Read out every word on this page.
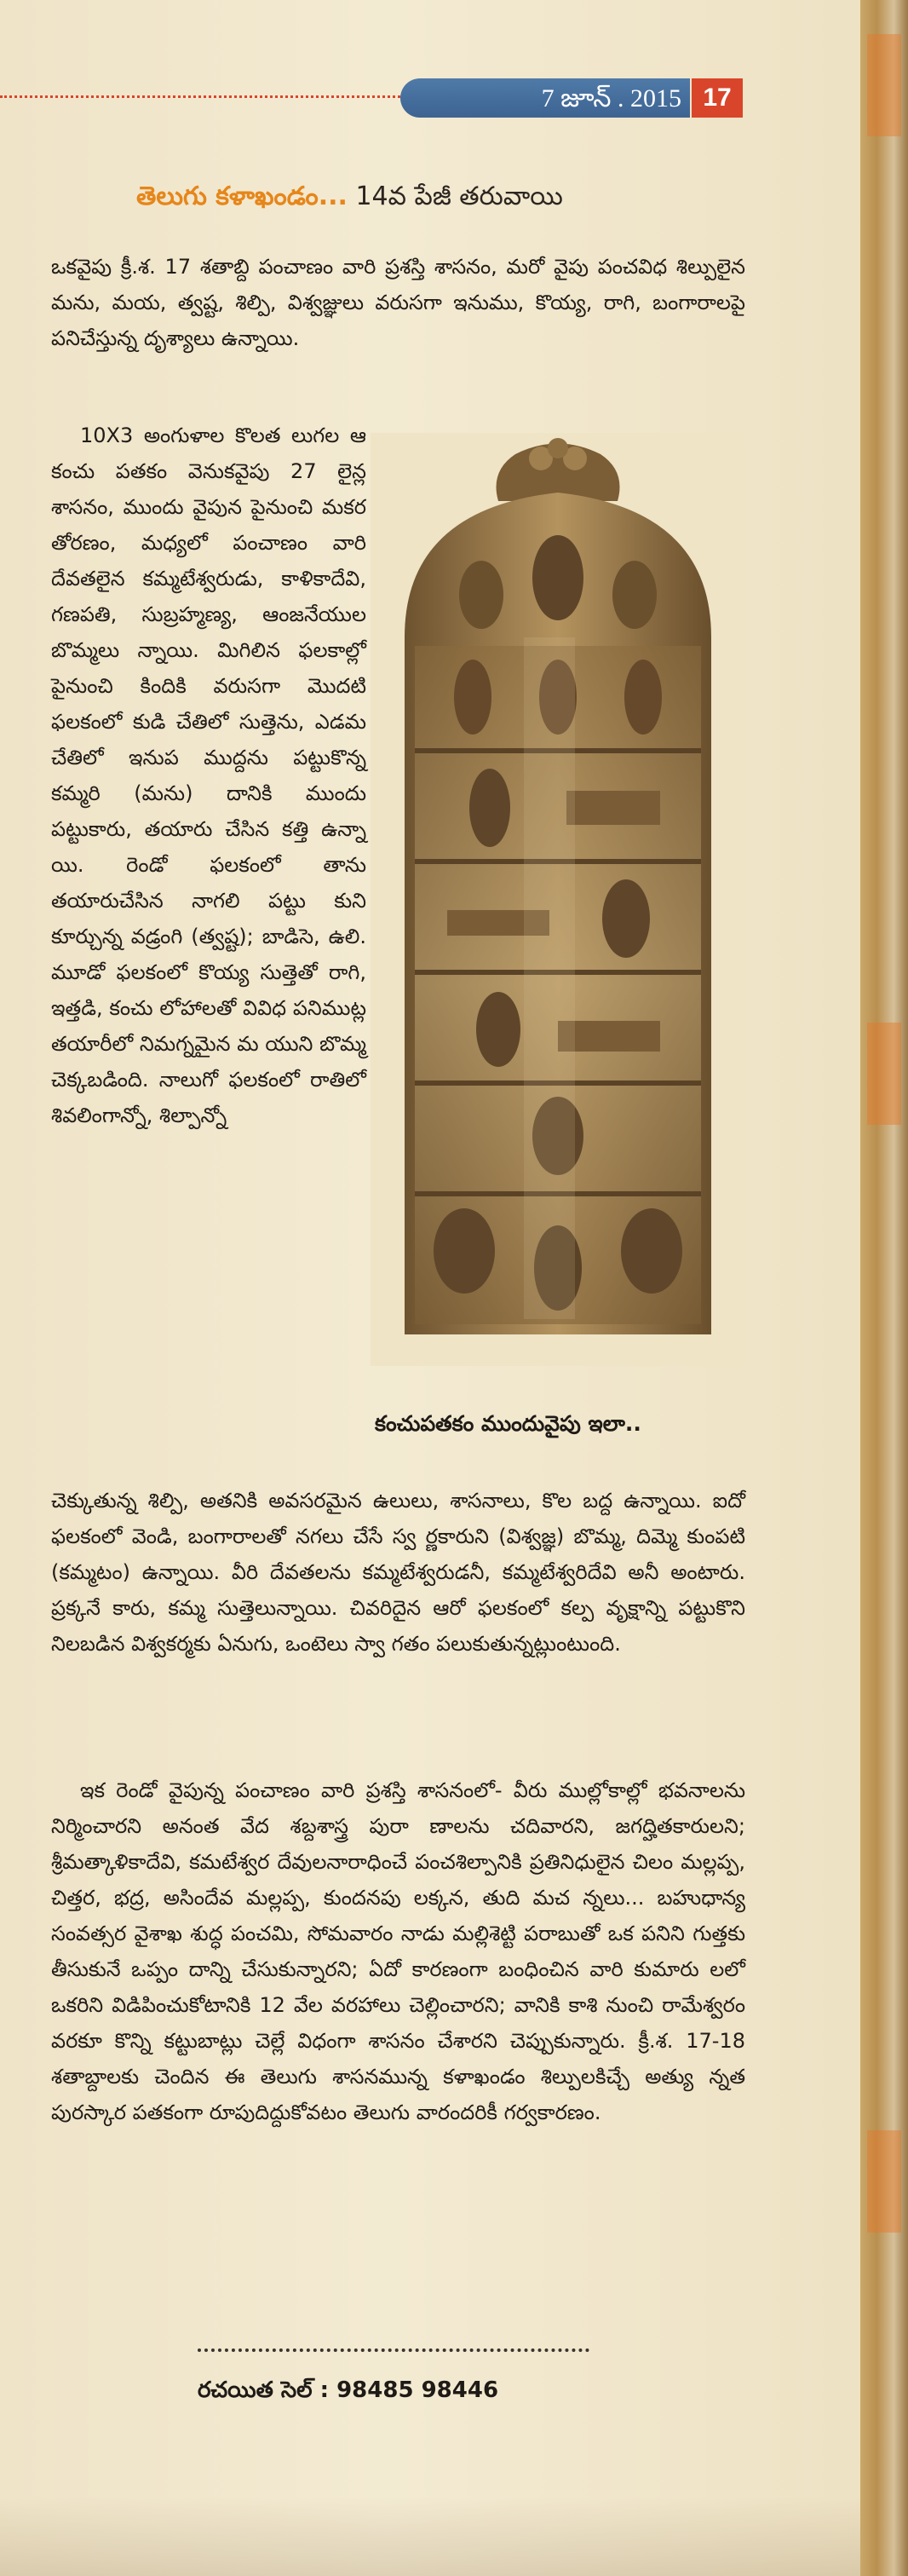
7 జూన్ . 2015 17
తెలుగు కళాఖండం... 14వ పేజీ తరువాయి

ఒకవైపు క్రీ.శ. 17 శతాబ్ది పంచాణం వారి ప్రశస్తి శాసనం, మరో వైపు పంచవిధ శిల్పులైన మను, మయ, త్వష్ట, శిల్పి, విశ్వజ్ఞులు వరుసగా ఇనుము, కొయ్య, రాగి, బంగారాలపై పనిచేస్తున్న దృశ్యాలు ఉన్నాయి.

10X3 అంగుళాల కొలత లుగల ఆ కంచు పతకం వెనుకవైపు 27 లైన్ల శాసనం, ముందు వైపున పైనుంచి మకర తోరణం, మధ్యలో పంచాణం వారి దేవతలైన కమ్మటేశ్వరుడు, కాళికాదేవి, గణపతి, సుబ్రహ్మణ్య, ఆంజనేయుల బొమ్మలు న్నాయి. మిగిలిన ఫలకాల్లో పైనుంచి కిందికి వరుసగా మొదటి ఫలకంలో కుడి చేతిలో సుత్తెను, ఎడమ చేతిలో ఇనుప ముద్దను పట్టుకొన్న కమ్మరి (మను) దానికి ముందు పట్టుకారు, తయారు చేసిన కత్తి ఉన్నా యి. రెండో ఫలకంలో తాను తయారుచేసిన నాగలి పట్టు కుని కూర్చున్న వడ్రంగి (త్వష్ట); బాడిసె, ఉలి. మూడో ఫలకంలో కొయ్య సుత్తెతో రాగి, ఇత్తడి, కంచు లోహాలతో వివిధ పనిముట్ల తయారీలో నిమగ్నమైన మ యుని బొమ్మ చెక్కబడింది. నాలుగో ఫలకంలో రాతిలో శివలింగాన్నో, శిల్పాన్నో

కంచుపతకం ముందువైపు ఇలా..

చెక్కుతున్న శిల్పి, అతనికి అవసరమైన ఉలులు, శాసనాలు, కొల బద్ద ఉన్నాయి. ఐదో ఫలకంలో వెండి, బంగారాలతో నగలు చేసే స్వ ర్ణకారుని (విశ్వజ్ఞ) బొమ్మ, దిమ్మె కుంపటి (కమ్మటం) ఉన్నాయి. వీరి దేవతలను కమ్మటేశ్వరుడనీ, కమ్మటేశ్వరిదేవి అనీ అంటారు. ప్రక్కనే కారు, కమ్మ సుత్తెలున్నాయి. చివరిదైన ఆరో ఫలకంలో కల్ప వృక్షాన్ని పట్టుకొని నిలబడిన విశ్వకర్మకు ఏనుగు, ఒంటెలు స్వా గతం పలుకుతున్నట్లుంటుంది.

ఇక రెండో వైపున్న పంచాణం వారి ప్రశస్తి శాసనంలో- వీరు ముల్లోకాల్లో భవనాలను నిర్మించారని అనంత వేద శబ్దశాస్త్ర పురా ణాలను చదివారని, జగద్హితకారులని; శ్రీమత్కాళికాదేవి, కమటేశ్వర దేవులనారాధించే పంచశిల్పానికి ప్రతినిధులైన చిలం మల్లప్ప, చిత్తర, భద్ర, అసిందేవ మల్లప్ప, కుందనపు లక్కన, తుది మచ న్నలు... బహుధాన్య సంవత్సర వైశాఖ శుద్ధ పంచమి, సోమవారం నాడు మల్లిశెట్టి పరాబుతో ఒక పనిని గుత్తకు తీసుకునే ఒప్పం దాన్ని చేసుకున్నారని; ఏదో కారణంగా బంధించిన వారి కుమారు లలో ఒకరిని విడిపించుకోటానికి 12 వేల వరహాలు చెల్లించారని; వానికి కాశి నుంచి రామేశ్వరం వరకూ కొన్ని కట్టుబాట్లు చెల్లే విధంగా శాసనం చేశారని చెప్పుకున్నారు. క్రీ.శ. 17-18 శతాబ్దాలకు చెందిన ఈ తెలుగు శాసనమున్న కళాఖండం శిల్పులకిచ్చే అత్యు న్నత పురస్కార పతకంగా రూపుదిద్దుకోవటం తెలుగు వారందరికీ గర్వకారణం.

రచయిత సెల్ : 98485 98446
